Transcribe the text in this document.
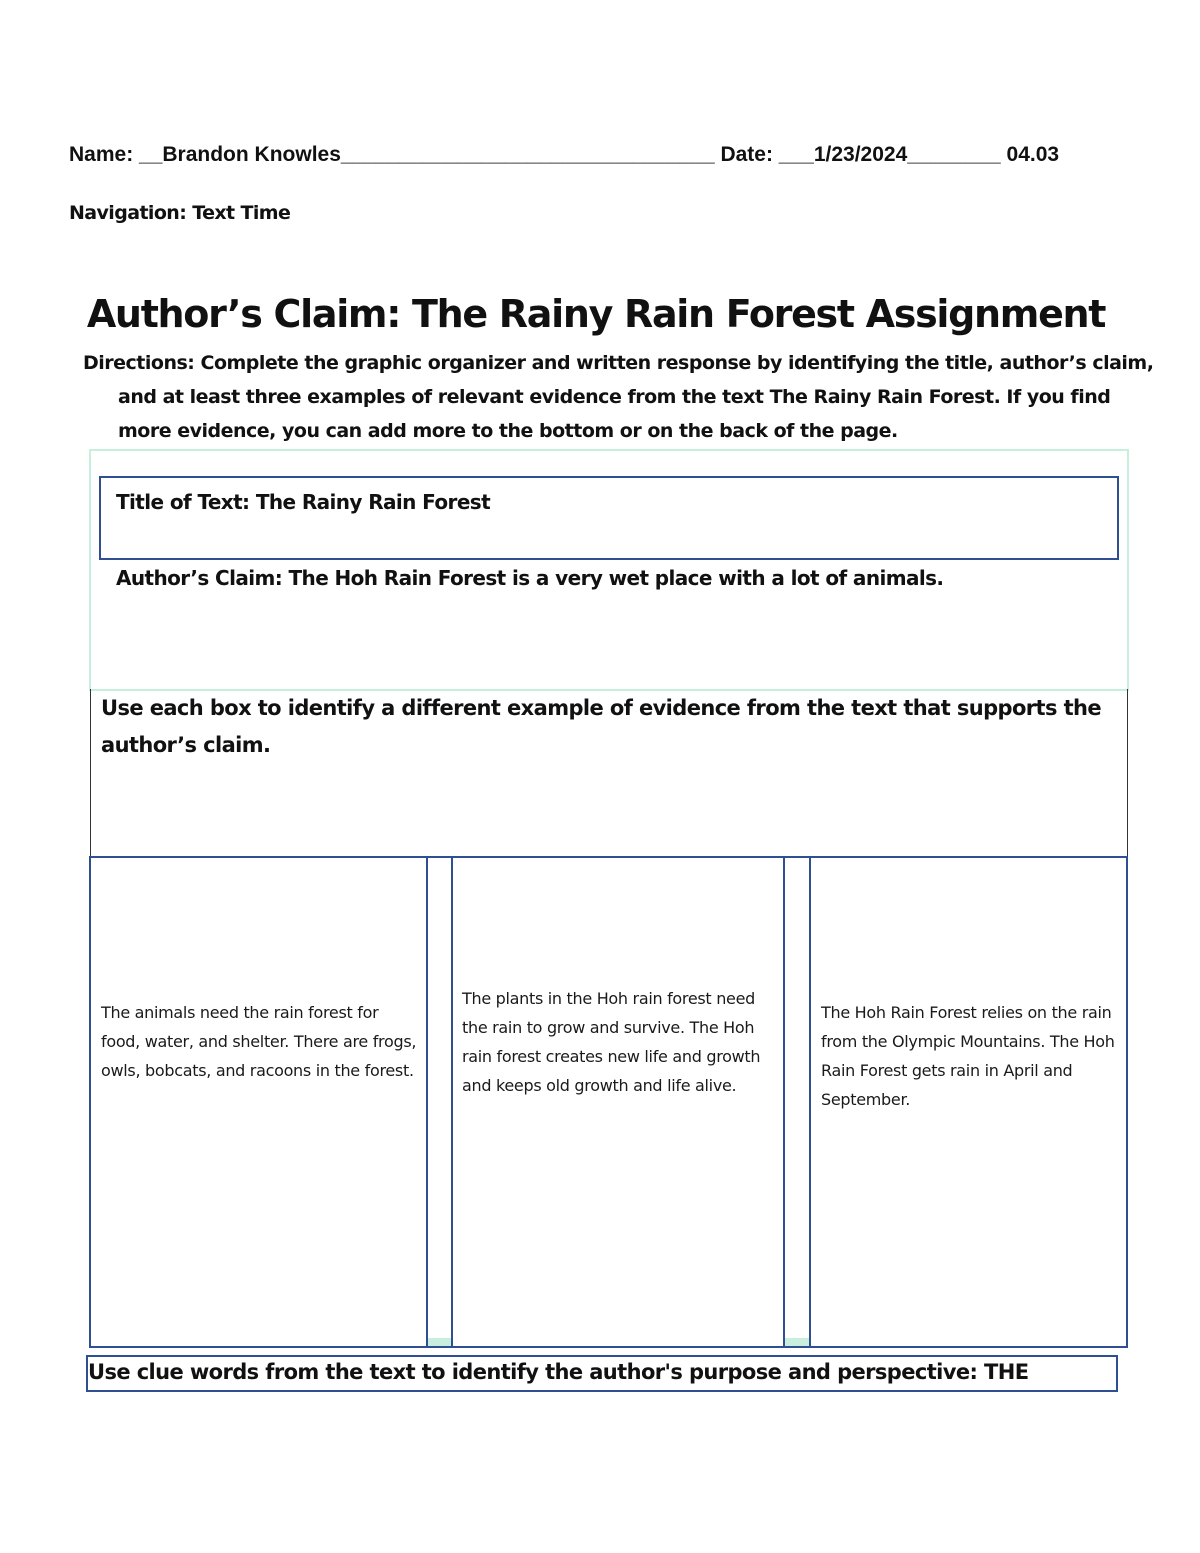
Name: __Brandon Knowles________________________________ Date: ___1/23/2024________ 04.03
Navigation: Text Time
Author’s Claim: The Rainy Rain Forest Assignment
Directions: Complete the graphic organizer and written response by identifying the title, author’s claim, and at least three examples of relevant evidence from the text The Rainy Rain Forest. If you find more evidence, you can add more to the bottom or on the back of the page.
Title of Text: The Rainy Rain Forest
Author’s Claim: The Hoh Rain Forest is a very wet place with a lot of animals.
Use each box to identify a different example of evidence from the text that supports the author’s claim.
The animals need the rain forest for food, water, and shelter. There are frogs, owls, bobcats, and racoons in the forest.
The plants in the Hoh rain forest need the rain to grow and survive. The Hoh rain forest creates new life and growth and keeps old growth and life alive.
The Hoh Rain Forest relies on the rain from the Olympic Mountains. The Hoh Rain Forest gets rain in April and September.
Use clue words from the text to identify the author's purpose and perspective: THE
